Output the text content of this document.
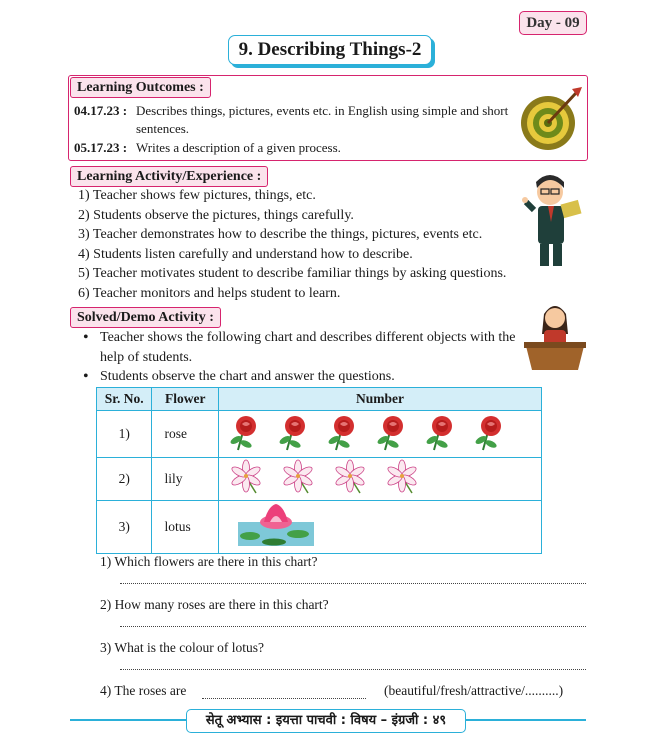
Day - 09
9. Describing Things-2
Learning Outcomes :
04.17.23 : Describes things, pictures, events etc. in English using simple and short
sentences.
05.17.23 : Writes a description of a given process.
Learning Activity/Experience :
1) Teacher shows few pictures, things, etc.
2) Students observe the pictures, things carefully.
3) Teacher demonstrates how to describe the things, pictures, events etc.
4) Students listen carefully and understand how to describe.
5) Teacher motivates student to describe familiar things by asking questions.
6) Teacher monitors and helps student to learn.
Solved/Demo Activity :
• Teacher shows the following chart and describes different objects with the
help of students.
• Students observe the chart and answer the questions.
Sr. No.	Flower	Number
1)	rose	
2)	lily	
3)	lotus	
1) Which flowers are there in this chart?
2) How many roses are there in this chart?
3) What is the colour of lotus?
4) The roses are	(beautiful/fresh/attractive/..........)
सेतू अभ्यास : इयत्ता पाचवी : विषय – इंग्रजी : ४९
